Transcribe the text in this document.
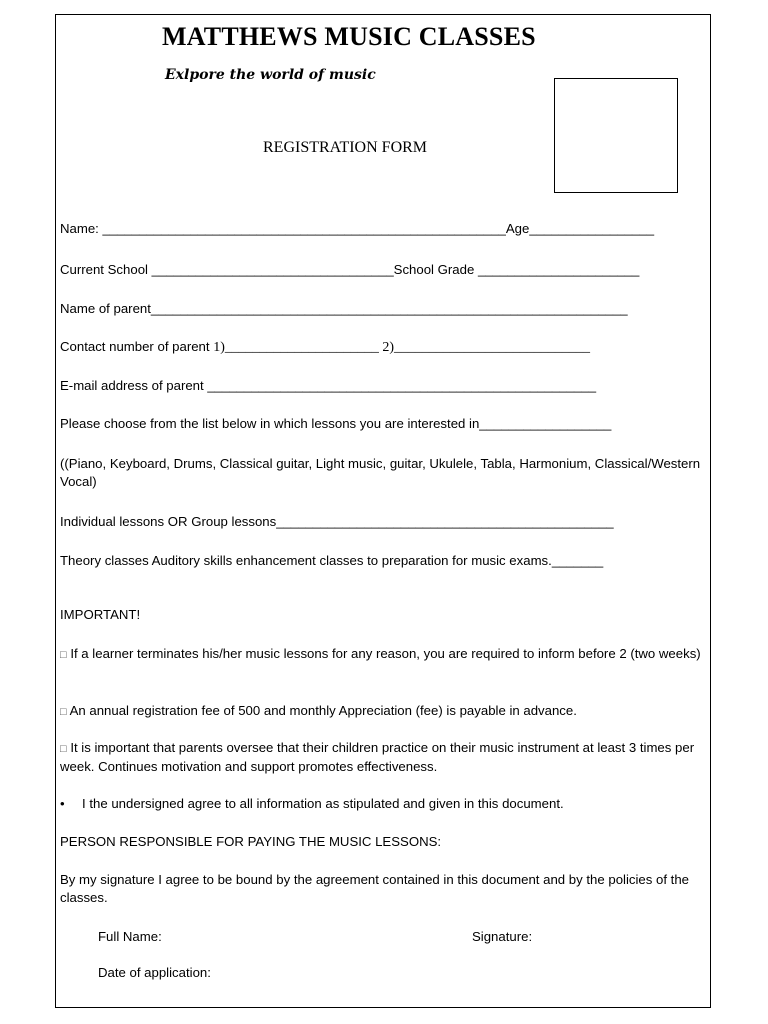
MATTHEWS MUSIC CLASSES
Exlpore the world of music
REGISTRATION FORM
Name: _______________________________________________________Age_________________
Current School _________________________________School Grade ______________________
Name of parent_________________________________________________________________
Contact number of parent 1)______________________ 2)____________________________
E-mail address of parent _____________________________________________________
Please choose from the list below in which lessons you are interested in__________________
((Piano, Keyboard, Drums, Classical guitar, Light music, guitar, Ukulele, Tabla, Harmonium, Classical/Western Vocal)
Individual lessons OR Group lessons______________________________________________
Theory classes Auditory skills enhancement classes to preparation for music exams._______
IMPORTANT!
□ If a learner terminates his/her music lessons for any reason, you are required to inform before 2 (two weeks)
□ An annual registration fee of 500 and monthly Appreciation (fee) is payable in advance.
□ It is important that parents oversee that their children practice on their music instrument at least 3 times per week. Continues motivation and support promotes effectiveness.
• I the undersigned agree to all information as stipulated and given in this document.
PERSON RESPONSIBLE FOR PAYING THE MUSIC LESSONS:
By my signature I agree to be bound by the agreement contained in this document and by the policies of the classes.
Full Name:	Signature:
Date of application:
